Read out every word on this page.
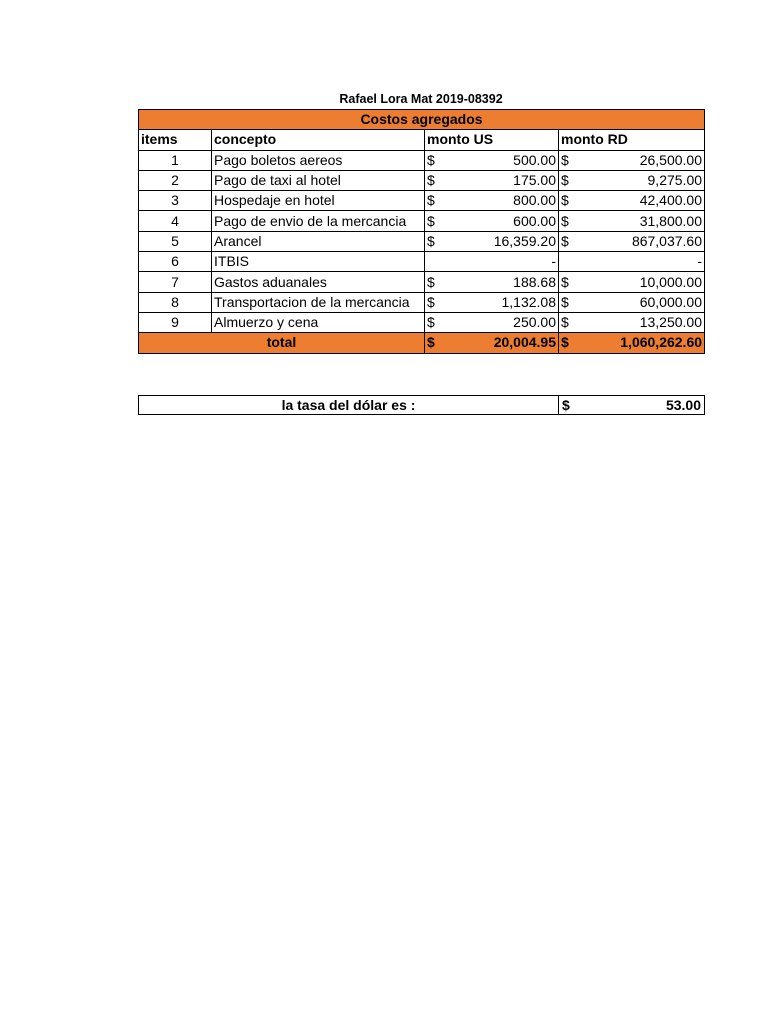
Rafael Lora Mat 2019-08392
Costos agregados			
items	concepto	monto US	monto RD
1	Pago boletos aereos	$ 500.00	$ 26,500.00

2	Pago de taxi al hotel	$ 175.00	$ 9,275.00

3	Hospedaje en hotel	$ 800.00	$ 42,400.00

4	Pago de envio de la mercancia	$ 600.00	$ 31,800.00

5	Arancel	$ 16,359.20	$ 867,037.60

6	ITBIS	-	-

7	Gastos aduanales	$ 188.68	$ 10,000.00

8	Transportacion de la mercancia	$ 1,132.08	$ 60,000.00

9	Almuerzo y cena	$ 250.00	$ 13,250.00

total		$ 20,004.95	$ 1,060,262.60
la tasa del dólar es :	$	53.00
